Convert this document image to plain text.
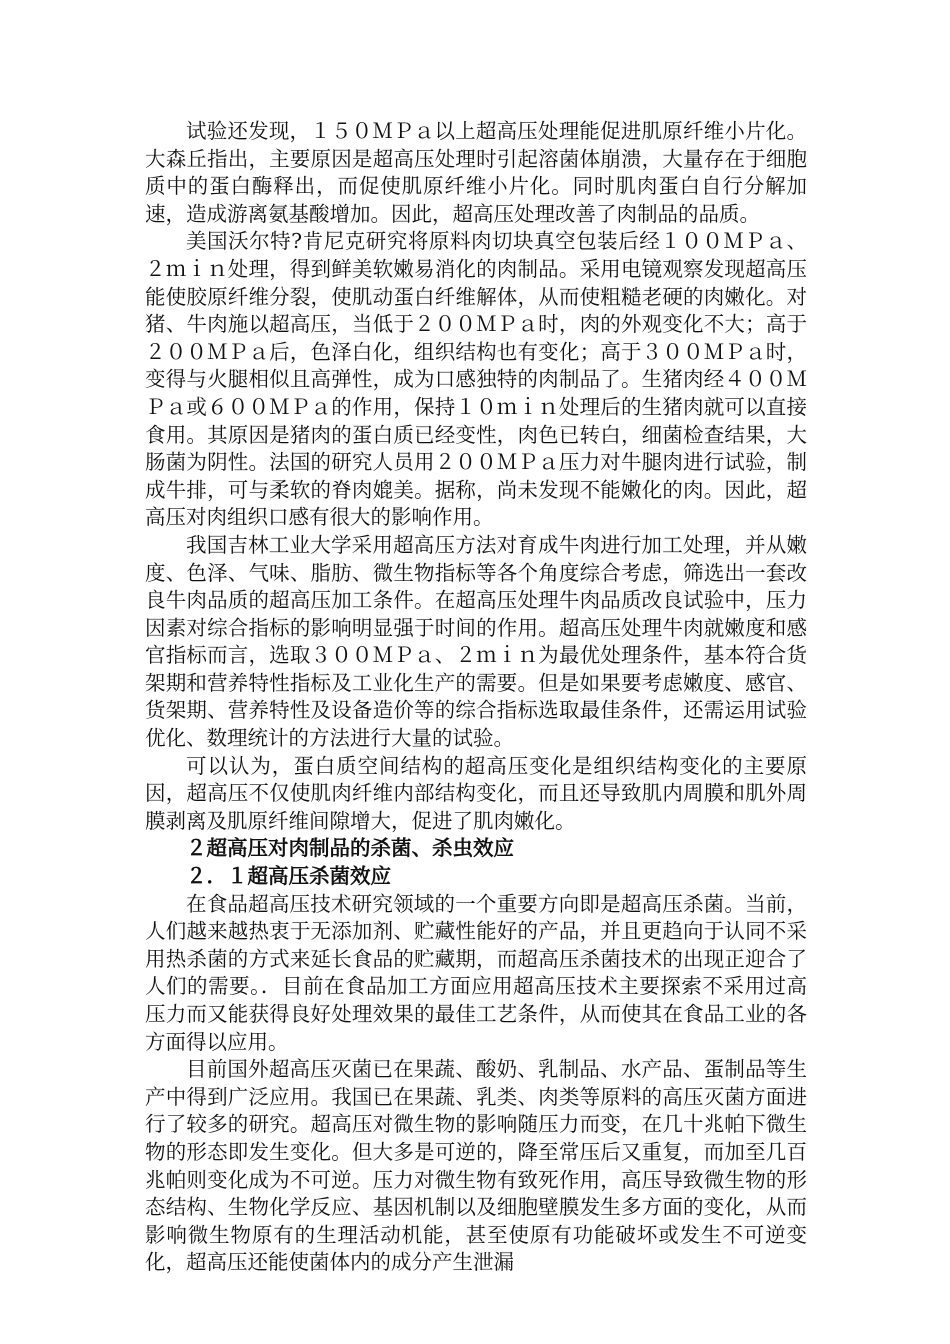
试验还发现，１５０ＭＰａ以上超高压处理能促进肌原纤维小片化。大森丘指出，主要原因是超高压处理时引起溶菌体崩溃，大量存在于细胞质中的蛋白酶释出，而促使肌原纤维小片化。同时肌肉蛋白自行分解加速，造成游离氨基酸增加。因此，超高压处理改善了肉制品的品质。

美国沃尔特?肯尼克研究将原料肉切块真空包装后经１００ＭＰａ、２ｍｉｎ处理，得到鲜美软嫩易消化的肉制品。采用电镜观察发现超高压能使胶原纤维分裂，使肌动蛋白纤维解体，从而使粗糙老硬的肉嫩化。对猪、牛肉施以超高压，当低于２００ＭＰａ时，肉的外观变化不大；高于２００ＭＰａ后，色泽白化，组织结构也有变化；高于３００ＭＰａ时，变得与火腿相似且高弹性，成为口感独特的肉制品了。生猪肉经４００ＭＰａ或６００ＭＰａ的作用，保持１０ｍｉｎ处理后的生猪肉就可以直接食用。其原因是猪肉的蛋白质已经变性，肉色已转白，细菌检查结果，大肠菌为阴性。法国的研究人员用２００ＭＰａ压力对牛腿肉进行试验，制成牛排，可与柔软的脊肉媲美。据称，尚未发现不能嫩化的肉。因此，超高压对肉组织口感有很大的影响作用。

我国吉林工业大学采用超高压方法对育成牛肉进行加工处理，并从嫩度、色泽、气味、脂肪、微生物指标等各个角度综合考虑，筛选出一套改良牛肉品质的超高压加工条件。在超高压处理牛肉品质改良试验中，压力因素对综合指标的影响明显强于时间的作用。超高压处理牛肉就嫩度和感官指标而言，选取３００ＭＰａ、２ｍｉｎ为最优处理条件，基本符合货架期和营养特性指标及工业化生产的需要。但是如果要考虑嫩度、感官、货架期、营养特性及设备造价等的综合指标选取最佳条件，还需运用试验优化、数理统计的方法进行大量的试验。

可以认为，蛋白质空间结构的超高压变化是组织结构变化的主要原因，超高压不仅使肌肉纤维内部结构变化，而且还导致肌内周膜和肌外周膜剥离及肌原纤维间隙增大，促进了肌肉嫩化。

２超高压对肉制品的杀菌、杀虫效应

２．１超高压杀菌效应

在食品超高压技术研究领域的一个重要方向即是超高压杀菌。当前，人们越来越热衷于无添加剂、贮藏性能好的产品，并且更趋向于认同不采用热杀菌的方式来延长食品的贮藏期，而超高压杀菌技术的出现正迎合了人们的需要。．目前在食品加工方面应用超高压技术主要探索不采用过高压力而又能获得良好处理效果的最佳工艺条件，从而使其在食品工业的各方面得以应用。

目前国外超高压灭菌已在果蔬、酸奶、乳制品、水产品、蛋制品等生产中得到广泛应用。我国已在果蔬、乳类、肉类等原料的高压灭菌方面进行了较多的研究。超高压对微生物的影响随压力而变，在几十兆帕下微生物的形态即发生变化。但大多是可逆的，降至常压后又重复，而加至几百兆帕则变化成为不可逆。压力对微生物有致死作用，高压导致微生物的形态结构、生物化学反应、基因机制以及细胞壁膜发生多方面的变化，从而影响微生物原有的生理活动机能，甚至使原有功能破坏或发生不可逆变化，超高压还能使菌体内的成分产生泄漏
